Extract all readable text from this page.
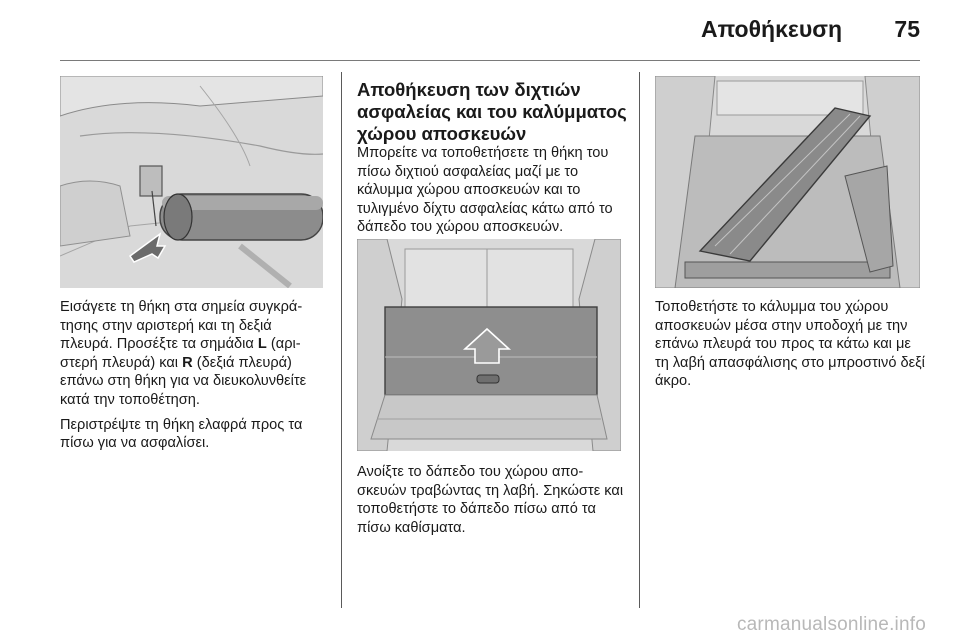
Αποθήκευση 75

Εισάγετε τη θήκη στα σημεία συγκρά-τησης στην αριστερή και τη δεξιά πλευρά. Προσέξτε τα σημάδια L (αρι-στερή πλευρά) και R (δεξιά πλευρά) επάνω στη θήκη για να διευκολυνθείτε κατά την τοποθέτηση.

Περιστρέψτε τη θήκη ελαφρά προς τα πίσω για να ασφαλίσει.

Αποθήκευση των διχτιών ασφαλείας και του καλύμματος χώρου αποσκευών

Μπορείτε να τοποθετήσετε τη θήκη του πίσω διχτιού ασφαλείας μαζί με το κάλυμμα χώρου αποσκευών και το τυλιγμένο δίχτυ ασφαλείας κάτω από το δάπεδο του χώρου αποσκευών.

Ανοίξτε το δάπεδο του χώρου απο-σκευών τραβώντας τη λαβή. Σηκώστε και τοποθετήστε το δάπεδο πίσω από τα πίσω καθίσματα.

Τοποθετήστε το κάλυμμα του χώρου αποσκευών μέσα στην υποδοχή με την επάνω πλευρά του προς τα κάτω και με τη λαβή απασφάλισης στο μπροστινό δεξί άκρο.

carmanualsonline.info
